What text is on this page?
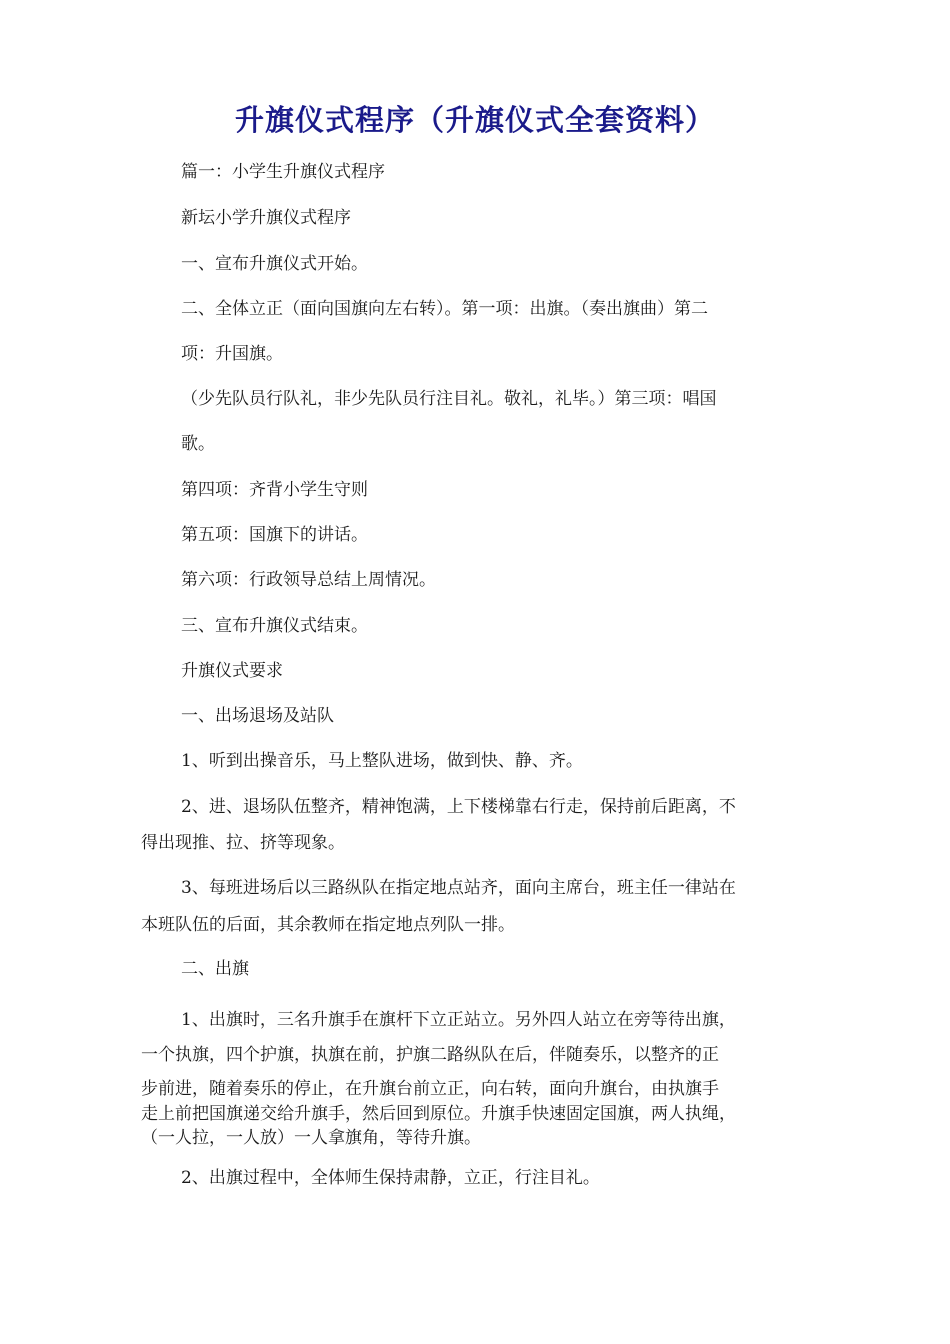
升旗仪式程序（升旗仪式全套资料）
篇一：小学生升旗仪式程序
新坛小学升旗仪式程序
一、宣布升旗仪式开始。
二、全体立正（面向国旗向左右转）。第一项：出旗。（奏出旗曲）第二
项：升国旗。
（少先队员行队礼，非少先队员行注目礼。敬礼，礼毕。）第三项：唱国
歌。
第四项：齐背小学生守则
第五项：国旗下的讲话。
第六项：行政领导总结上周情况。
三、宣布升旗仪式结束。
升旗仪式要求
一、出场退场及站队
1、听到出操音乐，马上整队进场，做到快、静、齐。
2、进、退场队伍整齐，精神饱满，上下楼梯靠右行走，保持前后距离，不
得出现推、拉、挤等现象。
3、每班进场后以三路纵队在指定地点站齐，面向主席台，班主任一律站在
本班队伍的后面，其余教师在指定地点列队一排。
二、出旗
1、出旗时，三名升旗手在旗杆下立正站立。另外四人站立在旁等待出旗，
一个执旗，四个护旗，执旗在前，护旗二路纵队在后，伴随奏乐，以整齐的正
步前进，随着奏乐的停止，在升旗台前立正，向右转，面向升旗台，由执旗手
走上前把国旗递交给升旗手，然后回到原位。升旗手快速固定国旗，两人执绳，
（一人拉，一人放）一人拿旗角，等待升旗。
2、出旗过程中，全体师生保持肃静，立正，行注目礼。
